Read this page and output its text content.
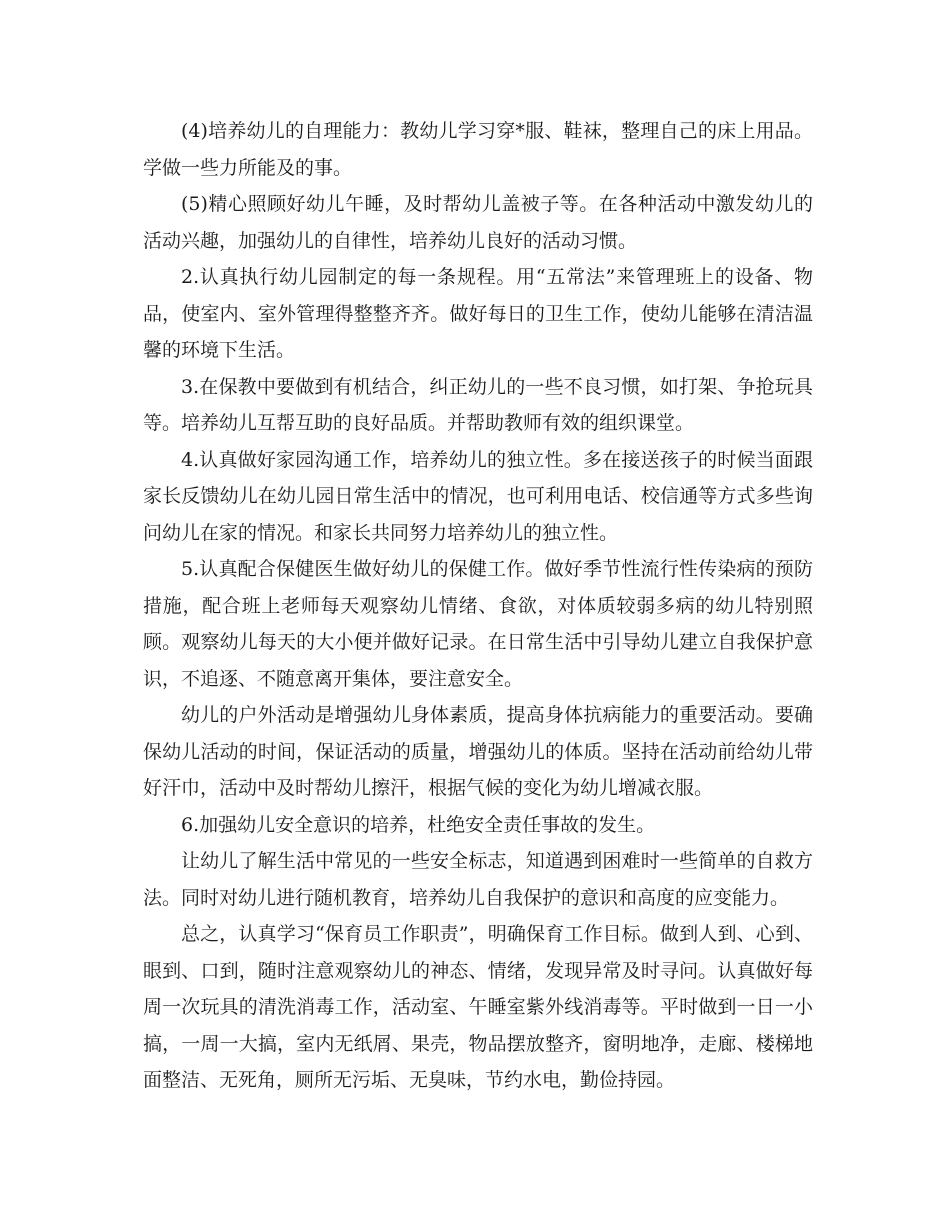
(4)培养幼儿的自理能力：教幼儿学习穿*服、鞋袜，整理自己的床上用品。学做一些力所能及的事。

(5)精心照顾好幼儿午睡，及时帮幼儿盖被子等。在各种活动中激发幼儿的活动兴趣，加强幼儿的自律性，培养幼儿良好的活动习惯。

2.认真执行幼儿园制定的每一条规程。用“五常法”来管理班上的设备、物品，使室内、室外管理得整整齐齐。做好每日的卫生工作，使幼儿能够在清洁温馨的环境下生活。

3.在保教中要做到有机结合，纠正幼儿的一些不良习惯，如打架、争抢玩具等。培养幼儿互帮互助的良好品质。并帮助教师有效的组织课堂。

4.认真做好家园沟通工作，培养幼儿的独立性。多在接送孩子的时候当面跟家长反馈幼儿在幼儿园日常生活中的情况，也可利用电话、校信通等方式多些询问幼儿在家的情况。和家长共同努力培养幼儿的独立性。

5.认真配合保健医生做好幼儿的保健工作。做好季节性流行性传染病的预防措施，配合班上老师每天观察幼儿情绪、食欲，对体质较弱多病的幼儿特别照顾。观察幼儿每天的大小便并做好记录。在日常生活中引导幼儿建立自我保护意识，不追逐、不随意离开集体，要注意安全。

幼儿的户外活动是增强幼儿身体素质，提高身体抗病能力的重要活动。要确保幼儿活动的时间，保证活动的质量，增强幼儿的体质。坚持在活动前给幼儿带好汗巾，活动中及时帮幼儿擦汗，根据气候的变化为幼儿增减衣服。

6.加强幼儿安全意识的培养，杜绝安全责任事故的发生。

让幼儿了解生活中常见的一些安全标志，知道遇到困难时一些简单的自救方法。同时对幼儿进行随机教育，培养幼儿自我保护的意识和高度的应变能力。

总之，认真学习“保育员工作职责”，明确保育工作目标。做到人到、心到、眼到、口到，随时注意观察幼儿的神态、情绪，发现异常及时寻问。认真做好每周一次玩具的清洗消毒工作，活动室、午睡室紫外线消毒等。平时做到一日一小搞，一周一大搞，室内无纸屑、果壳，物品摆放整齐，窗明地净，走廊、楼梯地面整洁、无死角，厕所无污垢、无臭味，节约水电，勤俭持园。
